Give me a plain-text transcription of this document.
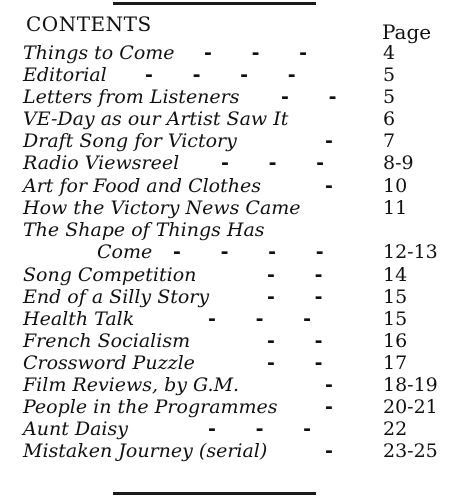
CONTENTS	Page
Things to Come -      -      -	4
Editorial -      -      -      -	5
Letters from Listeners -      - 5
VE-Day as our Artist Saw It	6
Draft Song for Victory	-	7
Radio Viewsreel -      -      -	8-9
Art for Food and Clothes	-	10
How the Victory News Came	11
The Shape of Things Has
Come -      -      -      -	12-13
Song Competition	-      -	14
End of a Silly Story	-      -	15
Health Talk	-      -      -	15
French Socialism	-      -	16
Crossword Puzzle	-      -	17
Film Reviews, by G.M.	-	18-19
People in the Programmes -	20-21
Aunt Daisy	-      -      -	22
Mistaken Journey (serial)	-	23-25
